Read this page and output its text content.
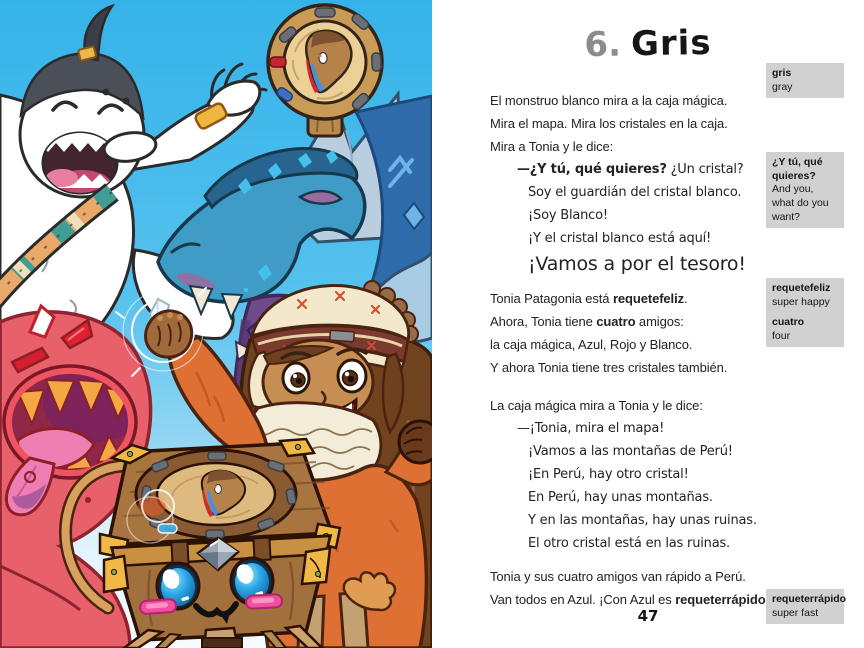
6. Gris
El monstruo blanco mira a la caja mágica.
Mira el mapa. Mira los cristales en la caja.
Mira a Tonia y le dice:
—¿Y tú, qué quieres? ¿Un cristal?
Soy el guardián del cristal blanco.
¡Soy Blanco!
¡Y el cristal blanco está aquí!
¡Vamos a por el tesoro!
Tonia Patagonia está requetefeliz.
Ahora, Tonia tiene cuatro amigos:
la caja mágica, Azul, Rojo y Blanco.
Y ahora Tonia tiene tres cristales también.
La caja mágica mira a Tonia y le dice:
—¡Tonia, mira el mapa!
¡Vamos a las montañas de Perú!
¡En Perú, hay otro cristal!
En Perú, hay unas montañas.
Y en las montañas, hay unas ruinas.
El otro cristal está en las ruinas.
Tonia y sus cuatro amigos van rápido a Perú.
Van todos en Azul. ¡Con Azul es requeterrápido
gris
gray
¿Y tú, qué quieres?
And you, what do you want?
requetefeliz
super happy
cuatro
four
requeterrápido
super fast
47
